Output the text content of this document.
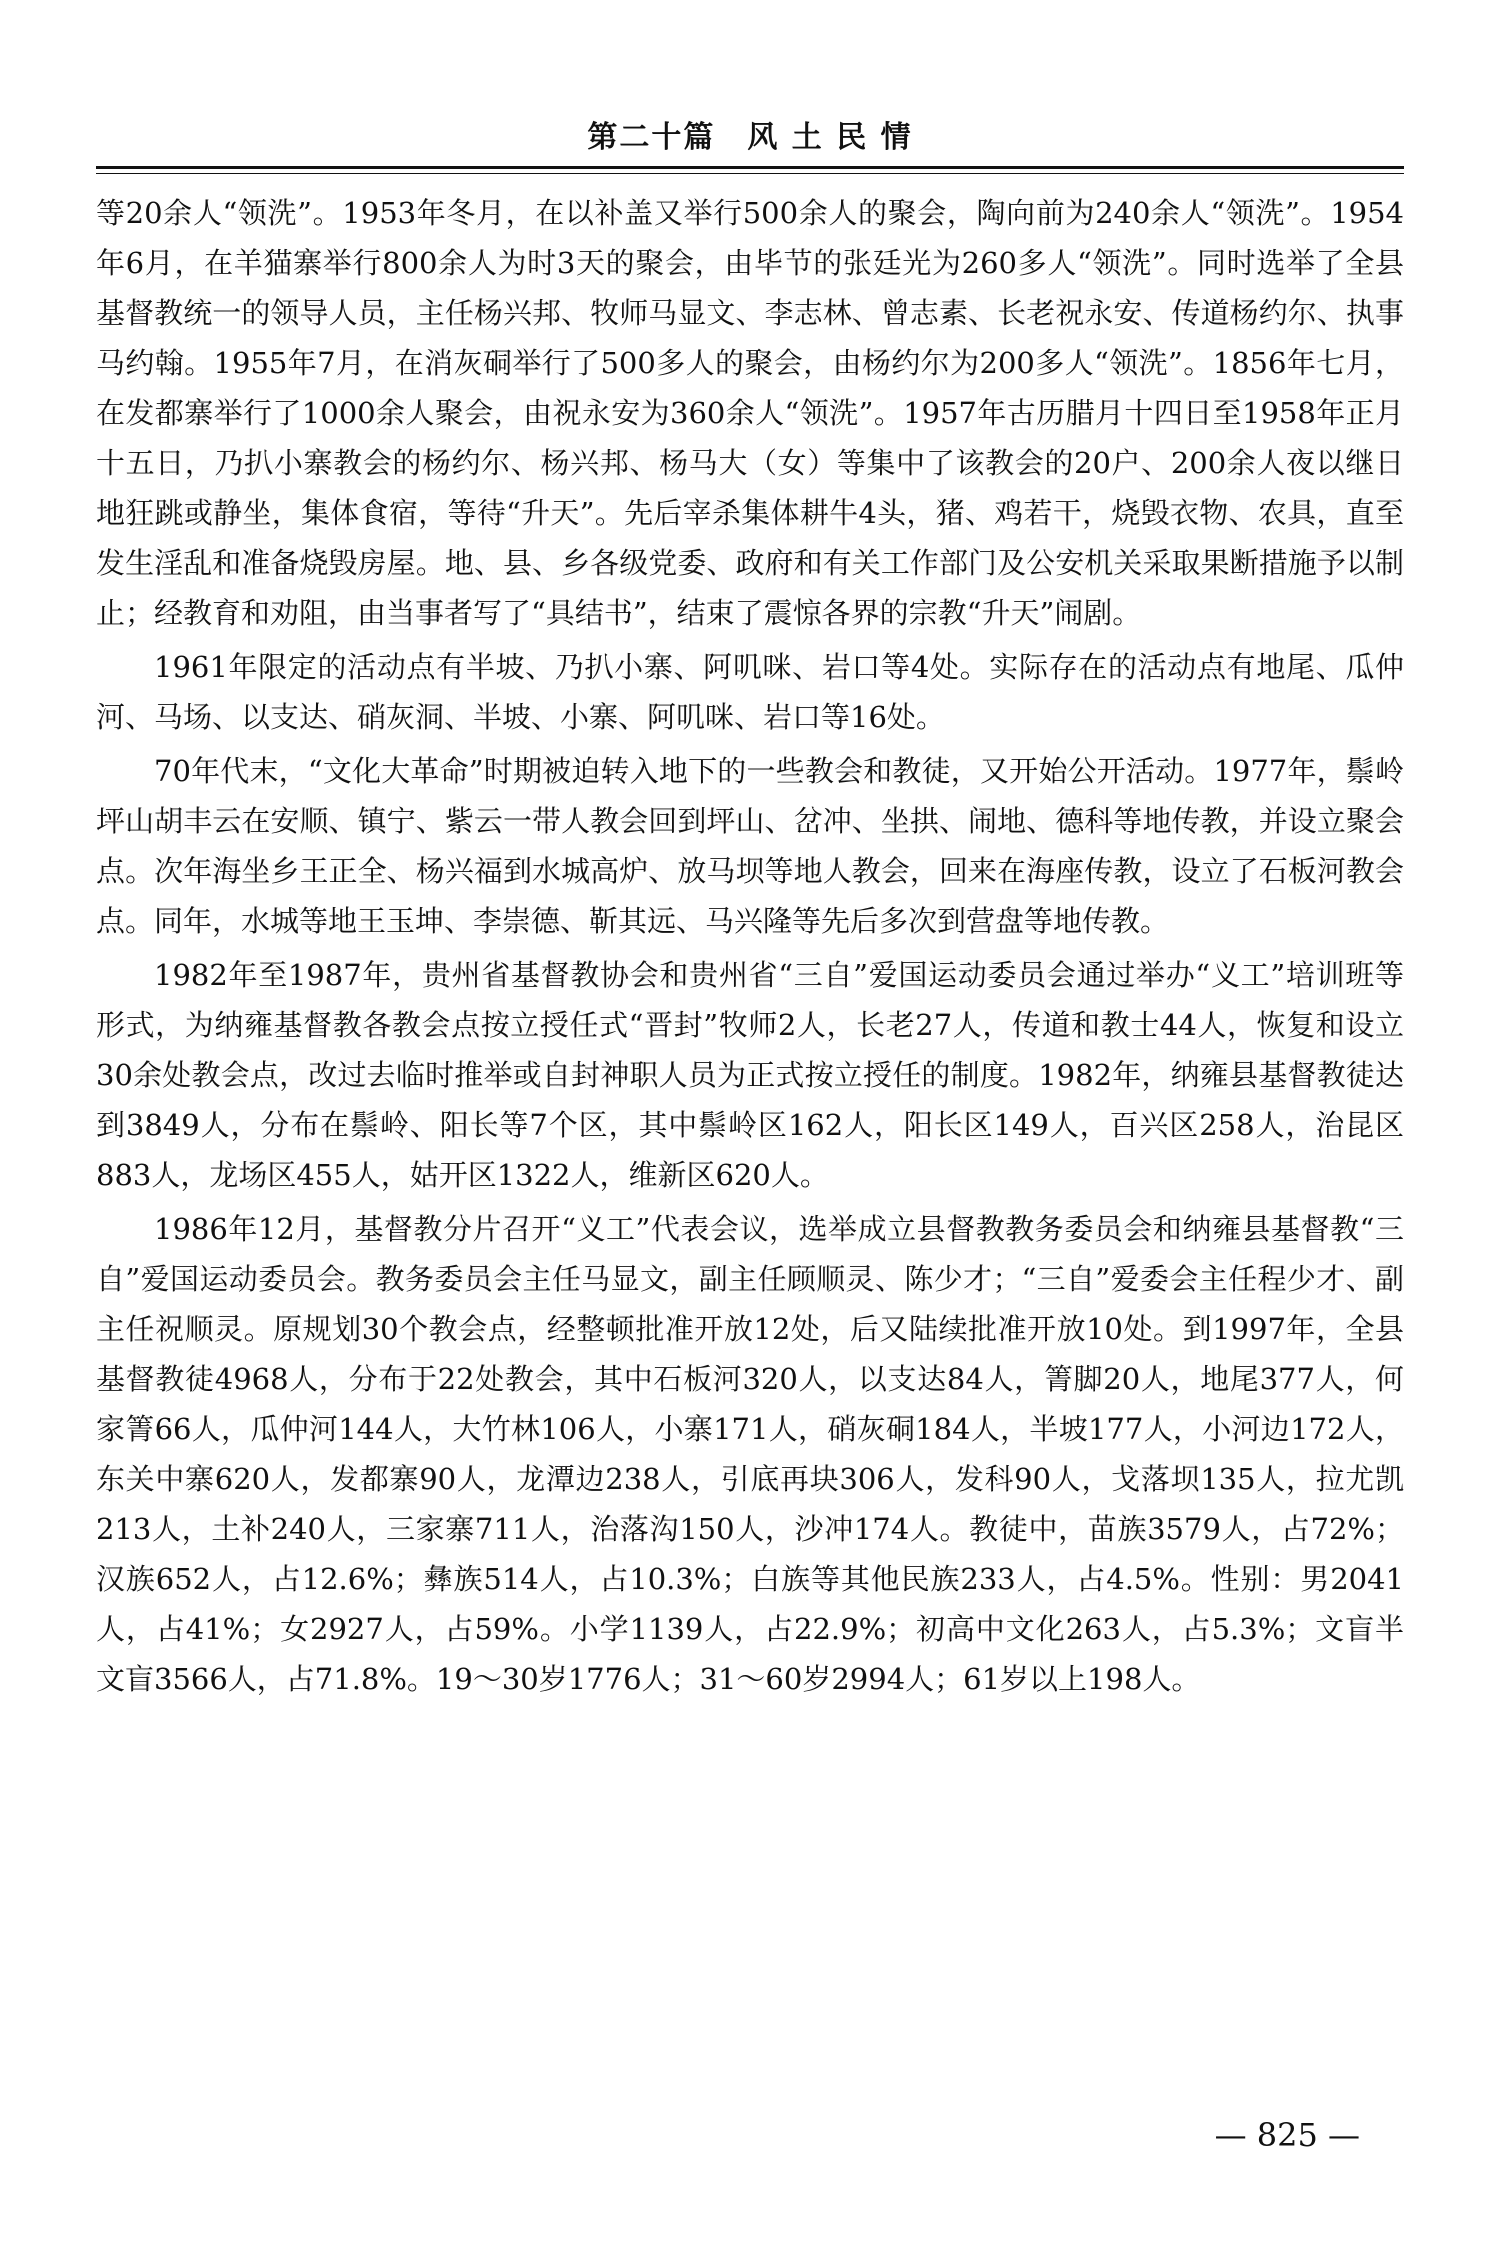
第二十篇　风 土 民 情

等20余人“领洗”。1953年冬月，在以补盖又举行500余人的聚会，陶向前为240余人“领洗”。1954年6月，在羊猫寨举行800余人为时3天的聚会，由毕节的张廷光为260多人“领洗”。同时选举了全县基督教统一的领导人员，主任杨兴邦、牧师马显文、李志林、曾志素、长老祝永安、传道杨约尔、执事马约翰。1955年7月，在消灰硐举行了500多人的聚会，由杨约尔为200多人“领洗”。1856年七月，在发都寨举行了1000余人聚会，由祝永安为360余人“领洗”。1957年古历腊月十四日至1958年正月十五日，乃扒小寨教会的杨约尔、杨兴邦、杨马大（女）等集中了该教会的20户、200余人夜以继日地狂跳或静坐，集体食宿，等待“升天”。先后宰杀集体耕牛4头，猪、鸡若干，烧毁衣物、农具，直至发生淫乱和准备烧毁房屋。地、县、乡各级党委、政府和有关工作部门及公安机关采取果断措施予以制止；经教育和劝阻，由当事者写了“具结书”，结束了震惊各界的宗教“升天”闹剧。

1961年限定的活动点有半坡、乃扒小寨、阿叽咪、岩口等4处。实际存在的活动点有地尾、瓜仲河、马场、以支达、硝灰洞、半坡、小寨、阿叽咪、岩口等16处。

70年代末，“文化大革命”时期被迫转入地下的一些教会和教徒，又开始公开活动。1977年，鬃岭坪山胡丰云在安顺、镇宁、紫云一带人教会回到坪山、岔冲、坐拱、闹地、德科等地传教，并设立聚会点。次年海坐乡王正全、杨兴福到水城高炉、放马坝等地人教会，回来在海座传教，设立了石板河教会点。同年，水城等地王玉坤、李崇德、靳其远、马兴隆等先后多次到营盘等地传教。

1982年至1987年，贵州省基督教协会和贵州省“三自”爱国运动委员会通过举办“义工”培训班等形式，为纳雍基督教各教会点按立授任式“晋封”牧师2人，长老27人，传道和教士44人，恢复和设立30余处教会点，改过去临时推举或自封神职人员为正式按立授任的制度。1982年，纳雍县基督教徒达到3849人，分布在鬃岭、阳长等7个区，其中鬃岭区162人，阳长区149人，百兴区258人，治昆区883人，龙场区455人，姑开区1322人，维新区620人。

1986年12月，基督教分片召开“义工”代表会议，选举成立县督教教务委员会和纳雍县基督教“三自”爱国运动委员会。教务委员会主任马显文，副主任顾顺灵、陈少才；“三自”爱委会主任程少才、副主任祝顺灵。原规划30个教会点，经整顿批准开放12处，后又陆续批准开放10处。到1997年，全县基督教徒4968人，分布于22处教会，其中石板河320人，以支达84人，箐脚20人，地尾377人，何家箐66人，瓜仲河144人，大竹林106人，小寨171人，硝灰硐184人，半坡177人，小河边172人，东关中寨620人，发都寨90人，龙潭边238人，引底再块306人，发科90人，戈落坝135人，拉尤凯213人，土补240人，三家寨711人，治落沟150人，沙冲174人。教徒中，苗族3579人，占72%；汉族652人，占12.6%；彝族514人，占10.3%；白族等其他民族233人，占4.5%。性别：男2041人，占41%；女2927人，占59%。小学1139人，占22.9%；初高中文化263人，占5.3%；文盲半文盲3566人，占71.8%。19～30岁1776人；31～60岁2994人；61岁以上198人。

— 825 —
